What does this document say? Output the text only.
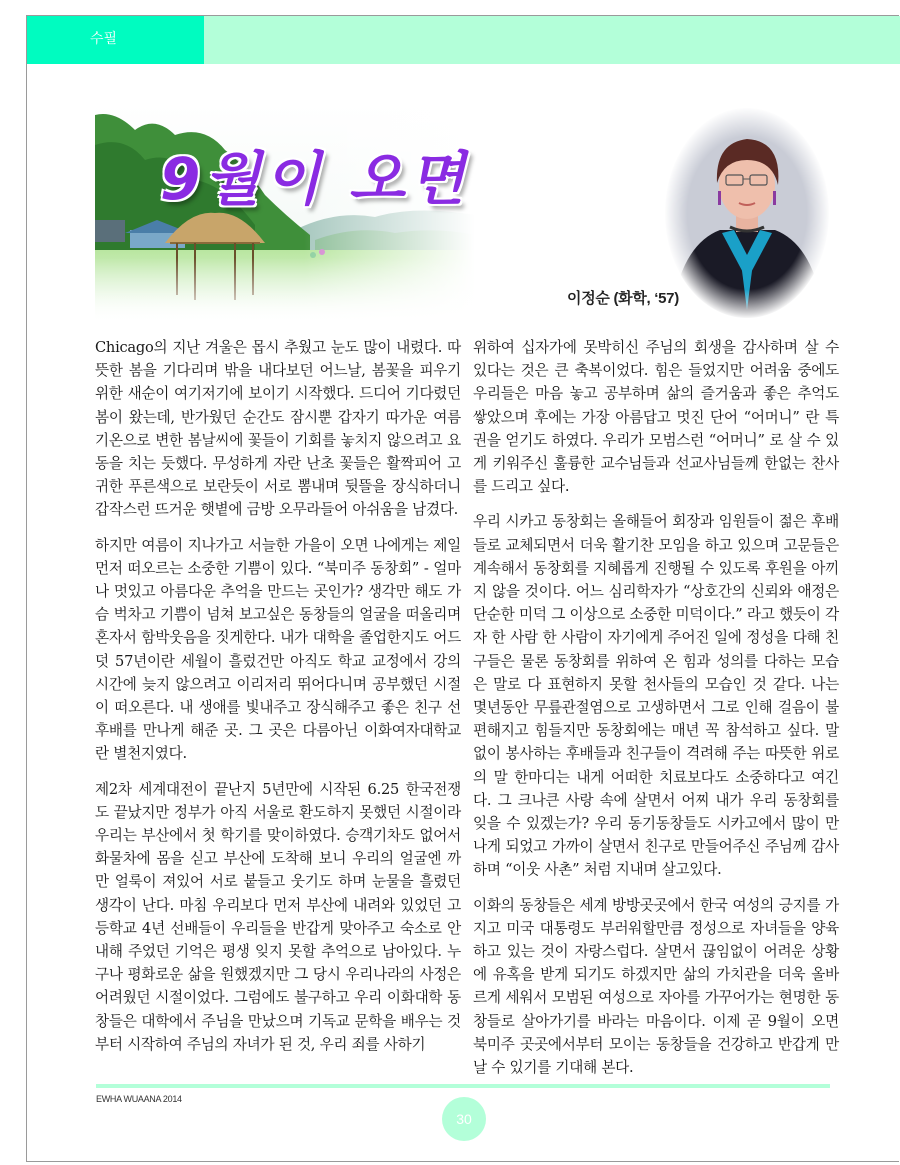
수필
9월이 오면
이정순 (화학, ‘57)

Chicago의 지난 겨울은 몹시 추웠고 눈도 많이 내렸다. 따뜻한 봄을 기다리며 밖을 내다보던 어느날, 봄꽃을 피우기 위한 새순이 여기저기에 보이기 시작했다. 드디어 기다렸던 봄이 왔는데, 반가웠던 순간도 잠시뿐 갑자기 따가운 여름 기온으로 변한 봄날씨에 꽃들이 기회를 놓치지 않으려고 요동을 치는 듯했다. 무성하게 자란 난초 꽃들은 활짝피어 고귀한 푸른색으로 보란듯이 서로 뽐내며 뒷뜰을 장식하더니 갑작스런 뜨거운 햇볕에 금방 오무라들어 아쉬움을 남겼다.

하지만 여름이 지나가고 서늘한 가을이 오면 나에게는 제일 먼저 떠오르는 소중한 기쁨이 있다. “북미주 동창회” - 얼마나 멋있고 아름다운 추억을 만드는 곳인가? 생각만 해도 가슴 벅차고 기쁨이 넘쳐 보고싶은 동창들의 얼굴을 떠올리며 혼자서 함박웃음을 짓게한다. 내가 대학을 졸업한지도 어드덧 57년이란 세월이 흘렀건만 아직도 학교 교정에서 강의시간에 늦지 않으려고 이리저리 뛰어다니며 공부했던 시절이 떠오른다. 내 생애를 빛내주고 장식해주고 좋은 친구 선후배를 만나게 해준 곳. 그 곳은 다름아닌 이화여자대학교란 별천지였다.

제2차 세계대전이 끝난지 5년만에 시작된 6.25 한국전쟁도 끝났지만 정부가 아직 서울로 환도하지 못했던 시절이라 우리는 부산에서 첫 학기를 맞이하였다. 승객기차도 없어서 화물차에 몸을 싣고 부산에 도착해 보니 우리의 얼굴엔 까만 얼룩이 져있어 서로 붙들고 웃기도 하며 눈물을 흘렸던 생각이 난다. 마침 우리보다 먼저 부산에 내려와 있었던 고등학교 4년 선배들이 우리들을 반갑게 맞아주고 숙소로 안내해 주었던 기억은 평생 잊지 못할 추억으로 남아있다. 누구나 평화로운 삶을 원했겠지만 그 당시 우리나라의 사정은 어려웠던 시절이었다. 그럼에도 불구하고 우리 이화대학 동창들은 대학에서 주님을 만났으며 기독교 문학을 배우는 것부터 시작하여 주님의 자녀가 된 것, 우리 죄를 사하기

위하여 십자가에 못박히신 주님의 회생을 감사하며 살 수 있다는 것은 큰 축복이었다. 힘은 들었지만 어려움 중에도 우리들은 마음 놓고 공부하며 삶의 즐거움과 좋은 추억도 쌓았으며 후에는 가장 아름답고 멋진 단어 “어머니” 란 특권을 얻기도 하였다. 우리가 모범스런 “어머니” 로 살 수 있게 키워주신 훌륭한 교수님들과 선교사님들께 한없는 찬사를 드리고 싶다.

우리 시카고 동창회는 올해들어 회장과 임원들이 젊은 후배들로 교체되면서 더욱 활기찬 모임을 하고 있으며 고문들은 계속해서 동창회를 지혜롭게 진행될 수 있도록 후원을 아끼지 않을 것이다. 어느 심리학자가 “상호간의 신뢰와 애정은 단순한 미덕 그 이상으로 소중한 미덕이다.” 라고 했듯이 각자 한 사람 한 사람이 자기에게 주어진 일에 정성을 다해 친구들은 물론 동창회를 위하여 온 힘과 성의를 다하는 모습은 말로 다 표현하지 못할 천사들의 모습인 것 같다. 나는 몇년동안 무릎관절염으로 고생하면서 그로 인해 걸음이 불편해지고 힘들지만 동창회에는 매년 꼭 참석하고 싶다. 말없이 봉사하는 후배들과 친구들이 격려해 주는 따뜻한 위로의 말 한마디는 내게 어떠한 치료보다도 소중하다고 여긴다. 그 크나큰 사랑 속에 살면서 어찌 내가 우리 동창회를 잊을 수 있겠는가? 우리 동기동창들도 시카고에서 많이 만나게 되었고 가까이 살면서 친구로 만들어주신 주님께 감사하며 “이웃 사촌” 처럼 지내며 살고있다.

이화의 동창들은 세계 방방곳곳에서 한국 여성의 긍지를 가지고 미국 대통령도 부러워할만큼 정성으로 자녀들을 양육하고 있는 것이 자랑스럽다. 살면서 끊임없이 어려운 상황에 유혹을 받게 되기도 하겠지만 삶의 가치관을 더욱 올바르게 세워서 모범된 여성으로 자아를 가꾸어가는 현명한 동창들로 살아가기를 바라는 마음이다. 이제 곧 9월이 오면 북미주 곳곳에서부터 모이는 동창들을 건강하고 반갑게 만날 수 있기를 기대해 본다.

EWHA WUAANA 2014
30
